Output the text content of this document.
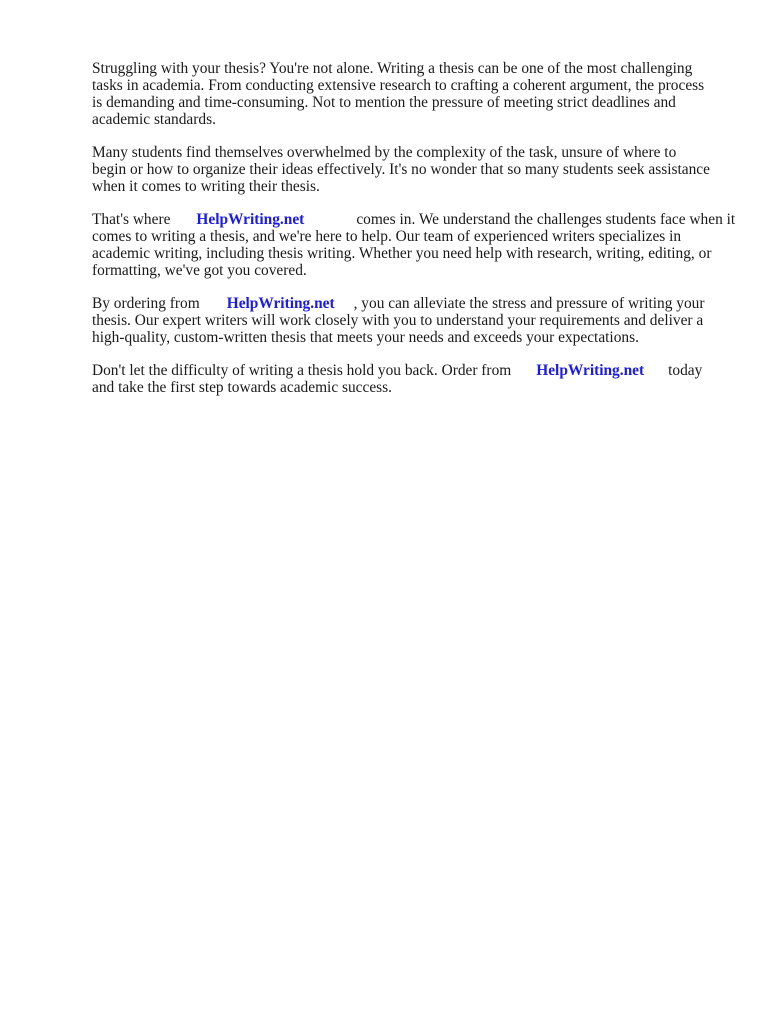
Struggling with your thesis? You're not alone. Writing a thesis can be one of the most challenging
tasks in academia. From conducting extensive research to crafting a coherent argument, the process
is demanding and time-consuming. Not to mention the pressure of meeting strict deadlines and
academic standards.
Many students find themselves overwhelmed by the complexity of the task, unsure of where to
begin or how to organize their ideas effectively. It's no wonder that so many students seek assistance
when it comes to writing their thesis.
That's where HelpWriting.net	comes in. We understand the challenges students face when it
comes to writing a thesis, and we're here to help. Our team of experienced writers specializes in
academic writing, including thesis writing. Whether you need help with research, writing, editing, or
formatting, we've got you covered.
By ordering from HelpWriting.net , you can alleviate the stress and pressure of writing your
thesis. Our expert writers will work closely with you to understand your requirements and deliver a
high-quality, custom-written thesis that meets your needs and exceeds your expectations.
Don't let the difficulty of writing a thesis hold you back. Order from HelpWriting.net today
and take the first step towards academic success.
